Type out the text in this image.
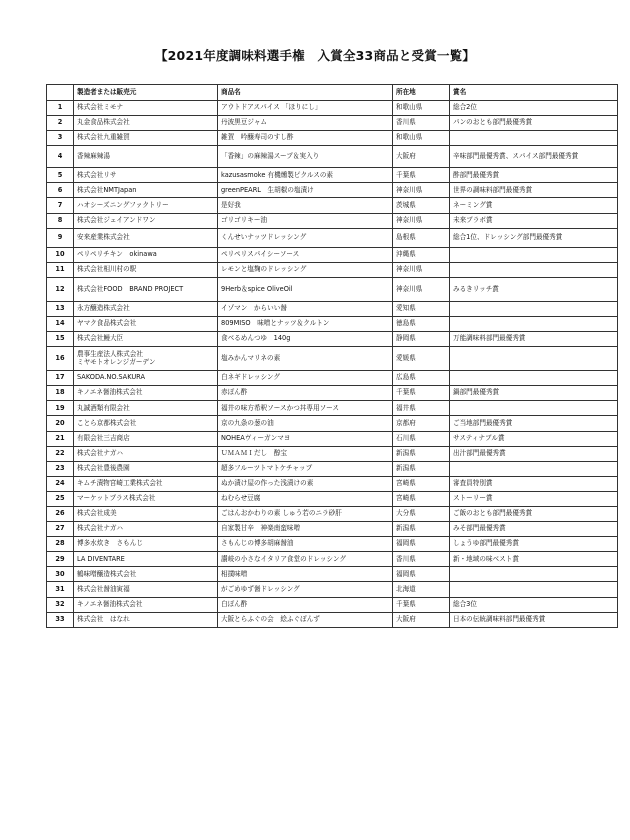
【2021年度調味料選手権　入賞全33商品と受賞一覧】
	製造者または販売元	商品名	所在地	賞名
1	株式会社ミモナ	アウトドアスパイス 「ほりにし」	和歌山県	総合2位
2	丸金食品株式会社	丹波黒豆ジャム	香川県	パンのおとも部門最優秀賞
3	株式会社九重雑賀	雑賀　吟醸寿司のすし酢	和歌山県	
4	香辣麻辣湯	「香辣」の麻辣湯スープ＆実入り	大阪府	辛味部門最優秀賞、スパイス部門最優秀賞
5	株式会社リサ	kazusasmoke 有機燻製ピクルスの素	千葉県	酢部門最優秀賞
6	株式会社NMTJapan	greenPEARL　生胡椒の塩漬け	神奈川県	世界の調味料部門最優秀賞
7	ハオシーズニングファクトリー	是好我	茨城県	ネーミング賞
8	株式会社ジェイアンドワン	ゴリゴリキー油	神奈川県	未来ブラボ賞
9	安来産業株式会社	くんせいナッツドレッシング	島根県	総合1位、ドレッシング部門最優秀賞
10	ペリペリチキン　okinawa	ペリペリスパイシーソース	沖縄県	
11	株式会社相川村の駅	レモンと塩麹のドレッシング	神奈川県	
12	株式会社FOOD　BRAND PROJECT	9Herb＆spice OliveOil	神奈川県	みるきリッチ賞
13	永方醸造株式会社	イゾマン　からいい醤	愛知県	
14	ヤマク食品株式会社	809MISO　味噌とナッツ＆クルトン	徳島県	
15	株式会社鰻大臣	食べるめんつゆ　140g	静岡県	万能調味料部門最優秀賞
16	農事生産法人株式会社
ミヤモトオレンジガーデン	塩みかんマリネの素	愛媛県	
17	SAKODA.NO.SAKURA	白ネギドレッシング	広島県	
18	キノエネ醤油株式会社	赤ぽん酢	千葉県	鍋部門最優秀賞
19	丸誠酒類有限会社	福井の味方希釈ソースかつ丼専用ソース	福井県	
20	ことら京都株式会社	京の九条の葱の油	京都府	ご当地部門最優秀賞
21	有限会社三吉商店	NOHEAヴィーガンマヨ	石川県	サスティナブル賞
22	株式会社ナガハ	ＵＭＡＭＩだし　醇宝	新潟県	出汁部門最優秀賞
23	株式会社豊後農園	超多フルーツトマトケチャップ	新潟県	
24	キムチ漬物宮崎工業株式会社	ぬか漬け屋の作った浅漬けの素	宮崎県	審査員特別賞
25	マーケットプラス株式会社	ねむらせ豆腐	宮崎県	ストーリー賞
26	株式会社成美	ごはんおかわりの素 しゅう若のニラ砂肝	大分県	ご飯のおとも部門最優秀賞
27	株式会社ナガハ	自家製甘辛　神楽南蛮味噌	新潟県	みそ部門最優秀賞
28	博多水炊き　さもんじ	さもんじの博多胡麻醤油	福岡県	しょうゆ部門最優秀賞
29	LA DIVENTARE	讃岐の小さなイタリア食堂のドレッシング	香川県	新・地域の味ベスト賞
30	鶴味噌醸造株式会社	相撲味噌	福岡県	
31	株式会社醤油寅福	がごめゆず醤ドレッシング	北海道	
32	キノエネ醤油株式会社	白ぽん酢	千葉県	総合3位
33	株式会社　はなれ	大阪とらふぐの会　絵ふぐぽんず	大阪府	日本の伝統調味料部門最優秀賞
